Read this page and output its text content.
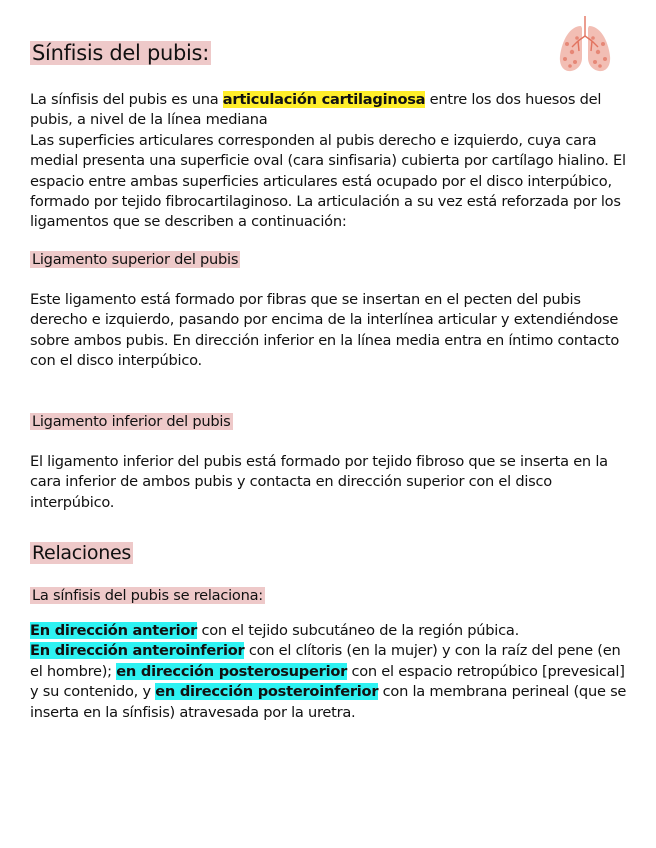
Sínfisis del pubis:

La sínfisis del pubis es una articulación cartilaginosa entre los dos huesos del pubis, a nivel de la línea mediana
Las superficies articulares corresponden al pubis derecho e izquierdo, cuya cara medial presenta una superficie oval (cara sinfisaria) cubierta por cartílago hialino. El espacio entre ambas superficies articulares está ocupado por el disco interpúbico, formado por tejido fibrocartilaginoso. La articulación a su vez está reforzada por los ligamentos que se describen a continuación:

Ligamento superior del pubis

Este ligamento está formado por fibras que se insertan en el pecten del pubis derecho e izquierdo, pasando por encima de la interlínea articular y extendiéndose sobre ambos pubis. En dirección inferior en la línea media entra en íntimo contacto con el disco interpúbico.

Ligamento inferior del pubis

El ligamento inferior del pubis está formado por tejido fibroso que se inserta en la cara inferior de ambos pubis y contacta en dirección superior con el disco interpúbico.

Relaciones
La sínfisis del pubis se relaciona:

En dirección anterior con el tejido subcutáneo de la región púbica.
En dirección anteroinferior con el clítoris (en la mujer) y con la raíz del pene (en el hombre); en dirección posterosuperior con el espacio retropúbico [prevesical] y su contenido, y en dirección posteroinferior con la membrana perineal (que se inserta en la sínfisis) atravesada por la uretra.
